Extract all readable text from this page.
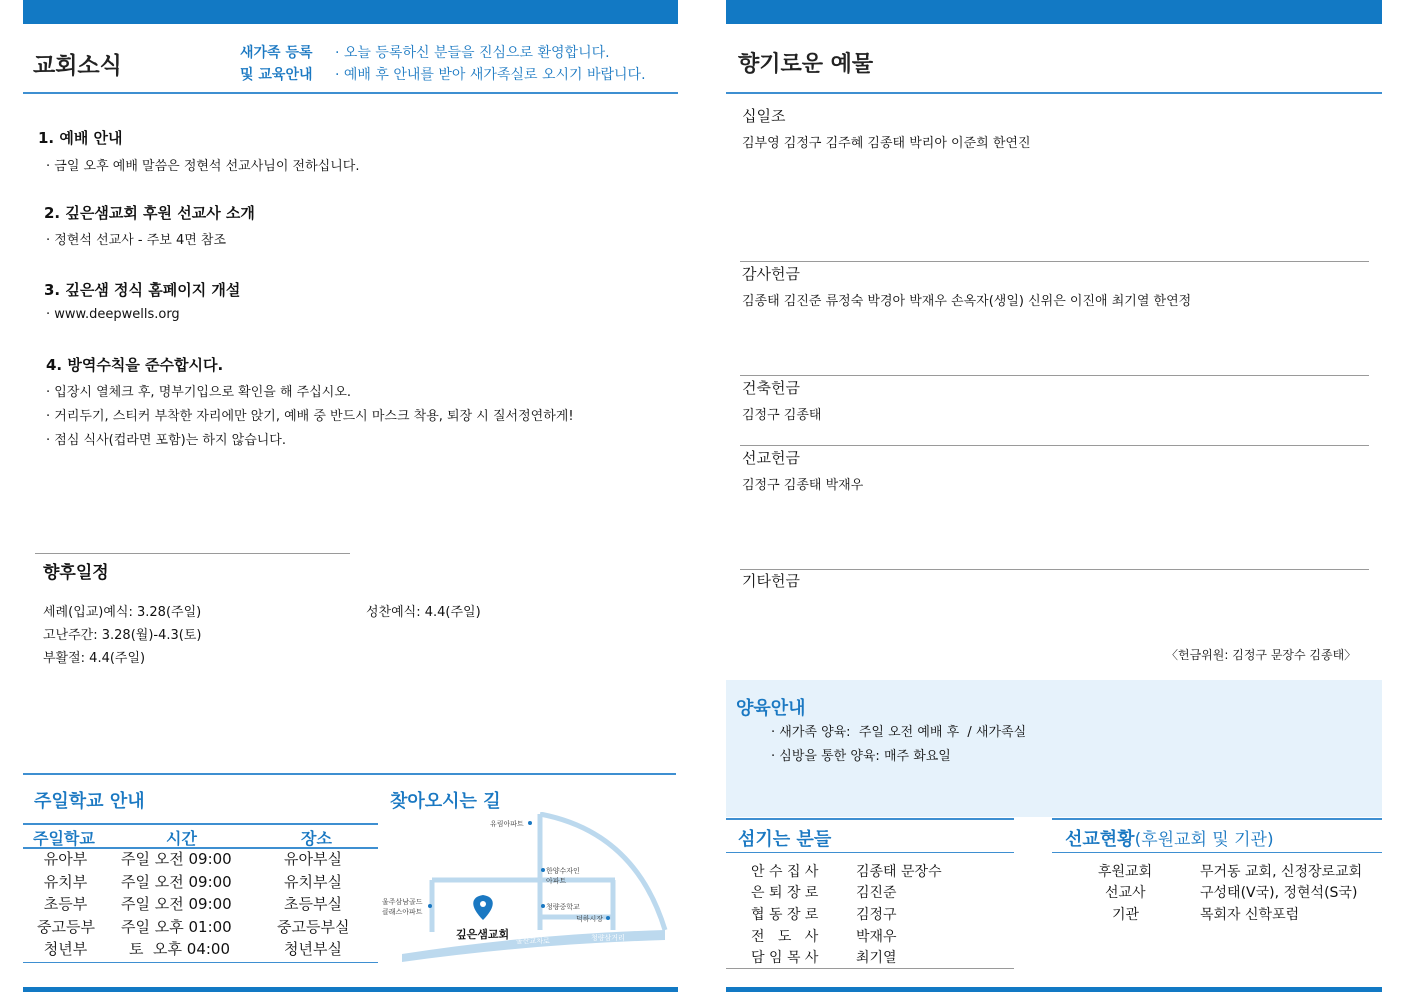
교회소식	새가족 등록
및 교육안내
· 오늘 등록하신 분들을 진심으로 환영합니다.
· 예배 후 안내를 받아 새가족실로 오시기 바랍니다.
1. 예배 안내
· 금일 오후 예배 말씀은 정현석 선교사님이 전하십니다.
2. 깊은샘교회 후원 선교사 소개
· 정현석 선교사 - 주보 4면 참조
3. 깊은샘 정식 홈페이지 개설
· www.deepwells.org
4. 방역수칙을 준수합시다.
· 입장시 열체크 후, 명부기입으로 확인을 해 주십시오.
· 거리두기, 스티커 부착한 자리에만 앉기, 예배 중 반드시 마스크 착용, 퇴장 시 질서정연하게!
· 점심 식사(컵라면 포함)는 하지 않습니다.
향후일정
세례(입교)예식: 3.28(주일)	성찬예식: 4.4(주일)
고난주간: 3.28(월)-4.3(토)
부활절: 4.4(주일)
주일학교 안내
주일학교	시간	장소
유아부 주일 오전 09:00	유아부실
유치부 주일 오전 09:00	유치부실
초등부 주일 오전 09:00	초등부실
중고등부	주일 오후 01:00	중고등부실
청년부	토  오후 04:00	청년부실
찾아오시는 길
유림아파트
한양수자인 아파트
청량중학교
덕하시장
울주삼남골드 클래스아파트
울산교차로	청량삼거리
깊은샘교회
향기로운 예물
십일조
김부영 김정구 김주혜 김종태 박리아 이준희 한연진
감사헌금
김종태 김진준 류정숙 박경아 박재우 손옥자(생일) 신위은 이진애 최기열 한연정
건축헌금
김정구 김종태
선교헌금
김정구 김종태 박재우
기타헌금
〈헌금위원: 김정구 문장수 김종태〉
양육안내
· 새가족 양육:  주일 오전 예배 후  / 새가족실
· 심방을 통한 양육: 매주 화요일
섬기는 분들
안 수 집 사	김종태 문장수
은 퇴 장 로	김진준
협 동 장 로	김정구
전   도   사	박재우
담 임 목 사	최기열
선교현황(후원교회 및 기관)
후원교회	무거동 교회, 신정장로교회
선교사	구성태(V국), 정현석(S국)
기관	목회자 신학포럼
